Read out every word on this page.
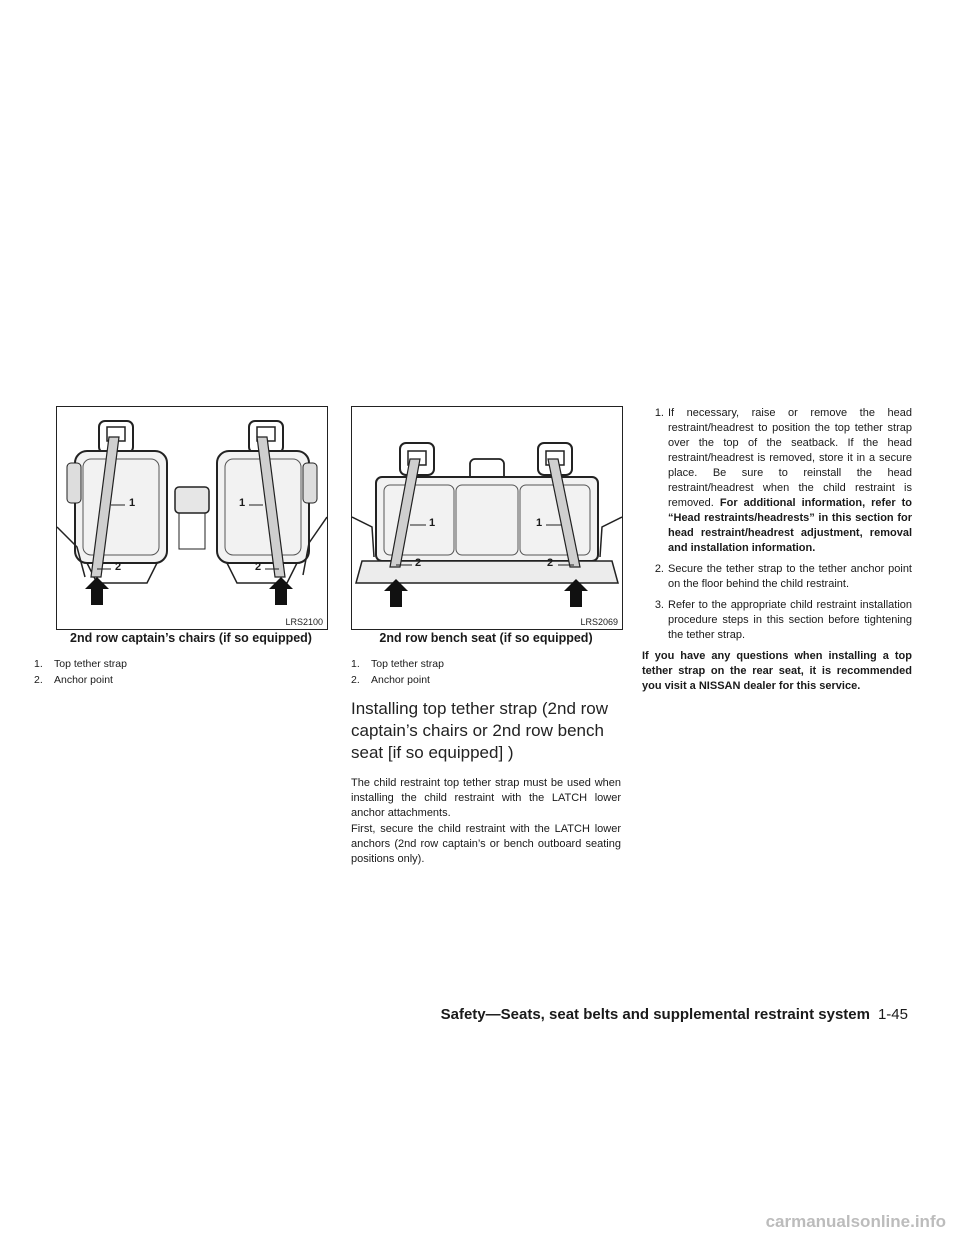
1	1
2	2
LRS2100
2nd row captain’s chairs (if so equipped)
1.	Top tether strap
2.	Anchor point
1	1
2	2
LRS2069
2nd row bench seat (if so equipped)
1.	Top tether strap
2.	Anchor point
Installing top tether strap (2nd row captain’s chairs or 2nd row bench seat [if so equipped] )
The child restraint top tether strap must be used when installing the child restraint with the LATCH lower anchor attachments.
First, secure the child restraint with the LATCH lower anchors (2nd row captain’s or bench outboard seating positions only).
1. If necessary, raise or remove the head restraint/headrest to position the top tether strap over the top of the seatback. If the head restraint/headrest is removed, store it in a secure place. Be sure to reinstall the head restraint/headrest when the child restraint is removed. For additional information, refer to “Head restraints/headrests” in this section for head restraint/headrest adjustment, removal and installation information.
2. Secure the tether strap to the tether anchor point on the floor behind the child restraint.
3. Refer to the appropriate child restraint installation procedure steps in this section before tightening the tether strap.
If you have any questions when installing a top tether strap on the rear seat, it is recommended you visit a NISSAN dealer for this service.
Safety—Seats, seat belts and supplemental restraint system 1-45
carmanualsonline.info
